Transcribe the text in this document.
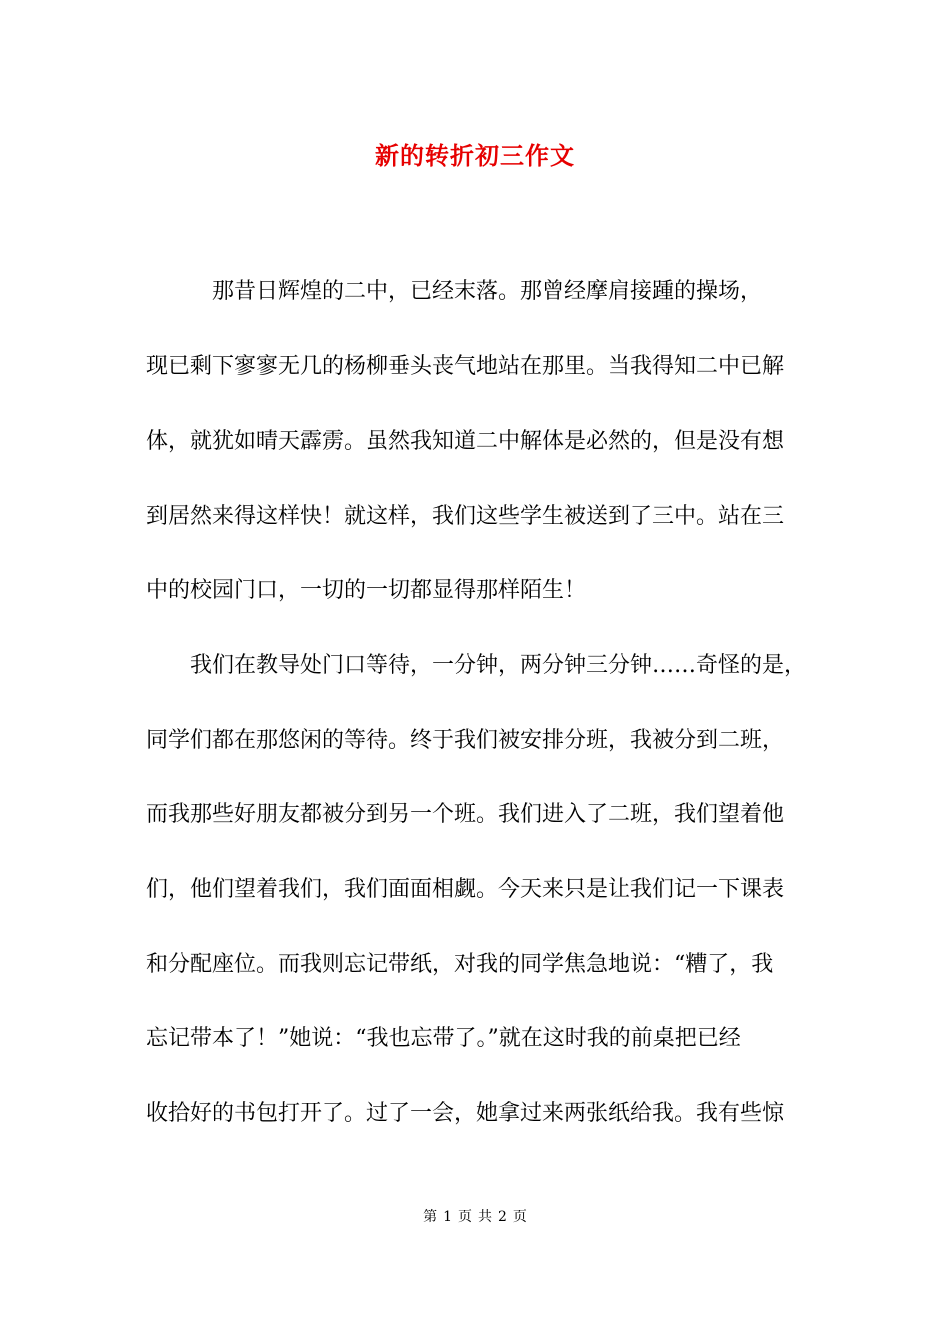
新的转折初三作文
　　　那昔日辉煌的二中，已经末落。那曾经摩肩接踵的操场，
现已剩下寥寥无几的杨柳垂头丧气地站在那里。当我得知二中已解
体，就犹如晴天霹雳。虽然我知道二中解体是必然的，但是没有想
到居然来得这样快！就这样，我们这些学生被送到了三中。站在三
中的校园门口，一切的一切都显得那样陌生！
　　我们在教导处门口等待，一分钟，两分钟三分钟……奇怪的是，
同学们都在那悠闲的等待。终于我们被安排分班，我被分到二班，
而我那些好朋友都被分到另一个班。我们进入了二班，我们望着他
们，他们望着我们，我们面面相觑。今天来只是让我们记一下课表
和分配座位。而我则忘记带纸，对我的同学焦急地说：“糟了，我
忘记带本了！”她说：“我也忘带了。”就在这时我的前桌把已经
收拾好的书包打开了。过了一会，她拿过来两张纸给我。我有些惊
第 1 页 共 2 页
